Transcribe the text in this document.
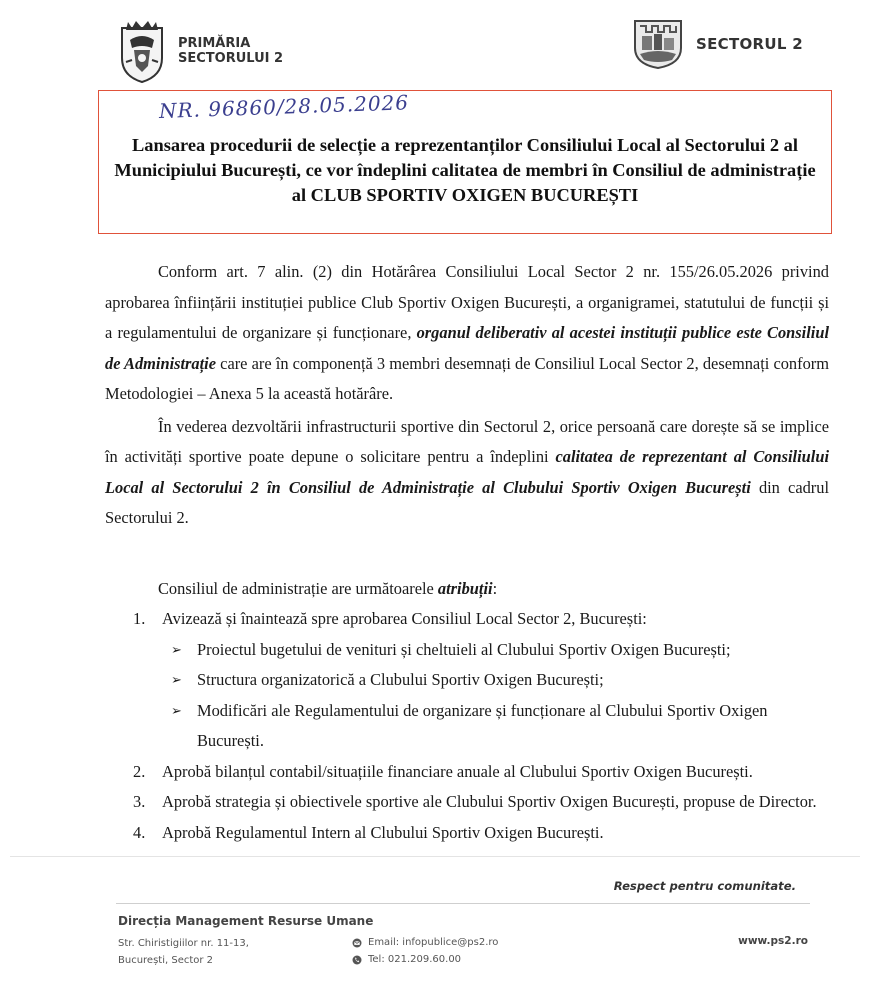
PRIMĂRIA
SECTORULUI 2
SECTORUL 2
NR. 96860/28.05.2026
Lansarea procedurii de selecție a reprezentanților Consiliului Local al Sectorului 2 al Municipiului București, ce vor îndeplini calitatea de membri în Consiliul de administrație al CLUB SPORTIV OXIGEN BUCUREȘTI

Conform art. 7 alin. (2) din Hotărârea Consiliului Local Sector 2 nr. 155/26.05.2026 privind aprobarea înființării instituției publice Club Sportiv Oxigen București, a organigramei, statutului de funcții și a regulamentului de organizare și funcționare, organul deliberativ al acestei instituții publice este Consiliul de Administrație care are în componență 3 membri desemnați de Consiliul Local Sector 2, desemnați conform Metodologiei – Anexa 5 la această hotărâre.

În vederea dezvoltării infrastructurii sportive din Sectorul 2, orice persoană care dorește să se implice în activități sportive poate depune o solicitare pentru a îndeplini calitatea de reprezentant al Consiliului Local al Sectorului 2 în Consiliul de Administrație al Clubului Sportiv Oxigen București din cadrul Sectorului 2.

Consiliul de administrație are următoarele atribuții:

1. Avizează și înaintează spre aprobarea Consiliul Local Sector 2, București:
➢ Proiectul bugetului de venituri și cheltuieli al Clubului Sportiv Oxigen București;
➢ Structura organizatorică a Clubului Sportiv Oxigen București;
➢ Modificări ale Regulamentului de organizare și funcționare al Clubului Sportiv Oxigen București.
2. Aprobă bilanțul contabil/situațiile financiare anuale al Clubului Sportiv Oxigen București.
3. Aprobă strategia și obiectivele sportive ale Clubului Sportiv Oxigen București, propuse de Director.
4. Aprobă Regulamentul Intern al Clubului Sportiv Oxigen București.
Respect pentru comunitate.
Direcția Management Resurse Umane
Str. Chiristigiilor nr. 11-13,
București, Sector 2
Email: infopublice@ps2.ro
Tel: 021.209.60.00
www.ps2.ro
